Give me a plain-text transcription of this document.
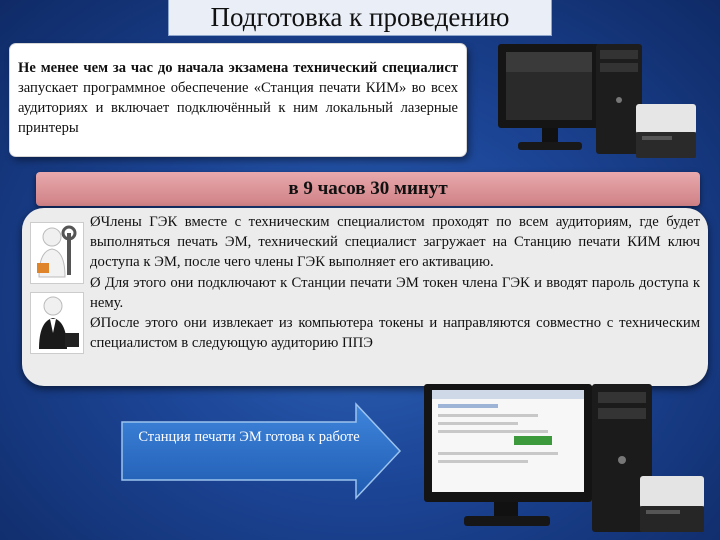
Подготовка к проведению
Не менее чем за час до начала экзамена технический специалист запускает программное обеспечение «Станция печати КИМ» во всех аудиториях и включает подключённый к ним локальный лазерные принтеры
в 9 часов 30 минут

ØЧлены ГЭК вместе с техническим специалистом проходят по всем аудиториям, где будет выполняться печать ЭМ, технический специалист загружает на Станцию печати КИМ ключ доступа к ЭМ, после чего члены ГЭК выполняет его активацию.

Ø Для этого они подключают к Станции печати ЭМ токен члена ГЭК и вводят пароль доступа к нему.

ØПосле этого они извлекает из компьютера токены и направляются совместно с техническим специалистом в следующую аудиторию ППЭ

Станция печати ЭМ готова к работе
